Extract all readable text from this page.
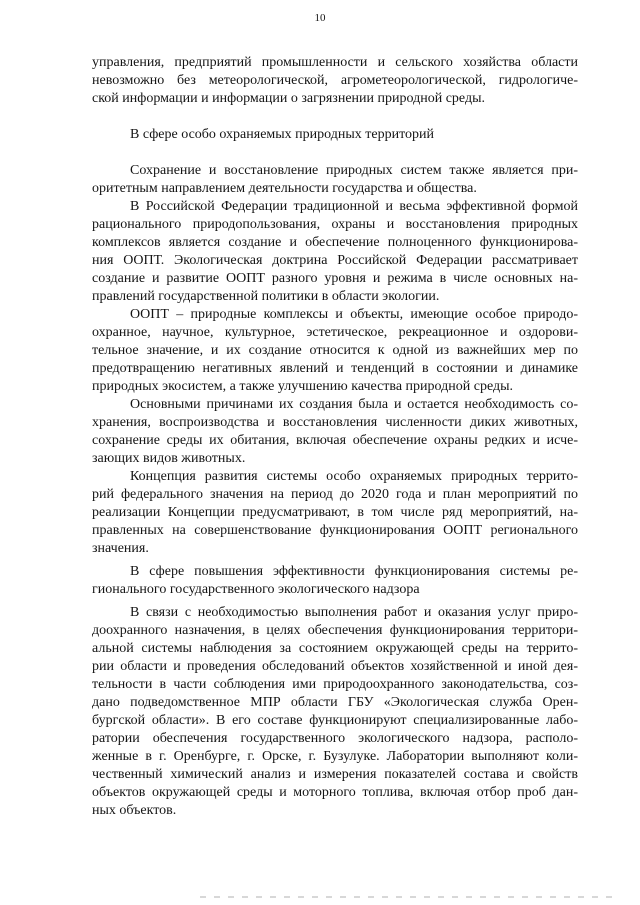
10
управления, предприятий промышленности и сельского хозяйства области
невозможно без метеорологической, агрометеорологической, гидрологиче-
ской информации и информации о загрязнении природной среды.
В сфере особо охраняемых природных территорий
Сохранение и восстановление природных систем также является при-
оритетным направлением деятельности государства и общества.
В Российской Федерации традиционной и весьма эффективной формой
рационального природопользования, охраны и восстановления природных
комплексов является создание и обеспечение полноценного функционирова-
ния ООПТ. Экологическая доктрина Российской Федерации рассматривает
создание и развитие ООПТ разного уровня и режима в числе основных на-
правлений государственной политики в области экологии.
ООПТ – природные комплексы и объекты, имеющие особое природо-
охранное, научное, культурное, эстетическое, рекреационное и оздорови-
тельное значение, и их создание относится к одной из важнейших мер по
предотвращению негативных явлений и тенденций в состоянии и динамике
природных экосистем, а также улучшению качества природной среды.
Основными причинами их создания была и остается необходимость со-
хранения, воспроизводства и восстановления численности диких животных,
сохранение среды их обитания, включая обеспечение охраны редких и исче-
зающих видов животных.
Концепция развития системы особо охраняемых природных террито-
рий федерального значения на период до 2020 года и план мероприятий по
реализации Концепции предусматривают, в том числе ряд мероприятий, на-
правленных на совершенствование функционирования ООПТ регионального
значения.
В сфере повышения эффективности функционирования системы ре-
гионального государственного экологического надзора
В связи с необходимостью выполнения работ и оказания услуг приро-
доохранного назначения, в целях обеспечения функционирования территори-
альной системы наблюдения за состоянием окружающей среды на террито-
рии области и проведения обследований объектов хозяйственной и иной дея-
тельности в части соблюдения ими природоохранного законодательства, соз-
дано подведомственное МПР области ГБУ «Экологическая служба Орен-
бургской области». В его составе функционируют специализированные лабо-
ратории обеспечения государственного экологического надзора, располо-
женные в г. Оренбурге, г. Орске, г. Бузулуке. Лаборатории выполняют коли-
чественный химический анализ и измерения показателей состава и свойств
объектов окружающей среды и моторного топлива, включая отбор проб дан-
ных объектов.
